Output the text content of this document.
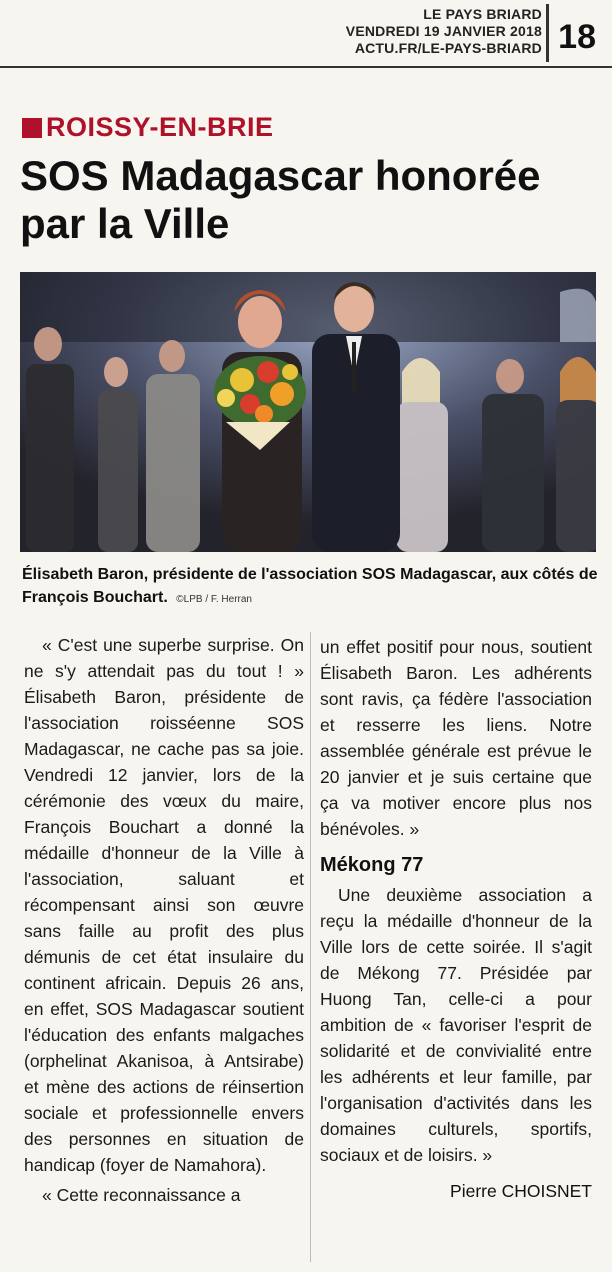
LE PAYS BRIARD
VENDREDI 19 JANVIER 2018
ACTU.FR/LE-PAYS-BRIARD 18
ROISSY-EN-BRIE
SOS Madagascar honorée par la Ville
Élisabeth Baron, présidente de l'association SOS Madagascar, aux côtés de François Bouchart. ©LPB / F. Herran

« C'est une superbe surprise. On ne s'y attendait pas du tout ! » Élisabeth Baron, présidente de l'association roisséenne SOS Madagascar, ne cache pas sa joie. Vendredi 12 janvier, lors de la cérémonie des vœux du maire, François Bouchart a donné la médaille d'honneur de la Ville à l'association, saluant et récompensant ainsi son œuvre sans faille au profit des plus démunis de cet état insulaire du continent africain. Depuis 26 ans, en effet, SOS Madagascar soutient l'éducation des enfants malgaches (orphelinat Akanisoa, à Antsirabe) et mène des actions de réinsertion sociale et professionnelle envers des personnes en situation de handicap (foyer de Namahora).

« Cette reconnaissance a

un effet positif pour nous, soutient Élisabeth Baron. Les adhérents sont ravis, ça fédère l'association et resserre les liens. Notre assemblée générale est prévue le 20 janvier et je suis certaine que ça va motiver encore plus nos bénévoles. »

Mékong 77

Une deuxième association a reçu la médaille d'honneur de la Ville lors de cette soirée. Il s'agit de Mékong 77. Présidée par Huong Tan, celle-ci a pour ambition de « favoriser l'esprit de solidarité et de convivialité entre les adhérents et leur famille, par l'organisation d'activités dans les domaines culturels, sportifs, sociaux et de loisirs. »

Pierre CHOISNET
